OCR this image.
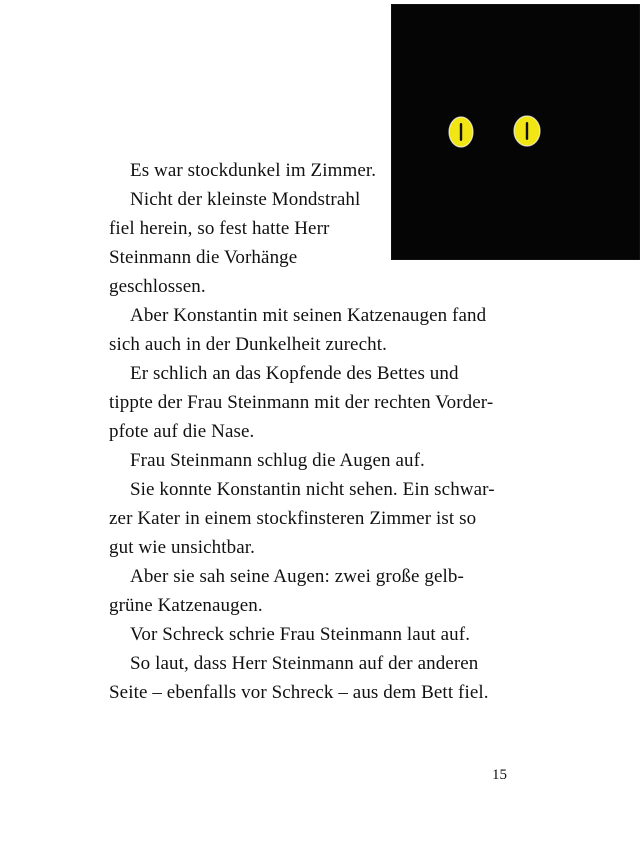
Es war stockdunkel im Zimmer.
Nicht der kleinste Mondstrahl
fiel herein, so fest hatte Herr
Steinmann die Vorhänge
geschlossen.
Aber Konstantin mit seinen Katzenaugen fand
sich auch in der Dunkelheit zurecht.
Er schlich an das Kopfende des Bettes und
tippte der Frau Steinmann mit der rechten Vorder-
pfote auf die Nase.
Frau Steinmann schlug die Augen auf.
Sie konnte Konstantin nicht sehen. Ein schwar-
zer Kater in einem stockfinsteren Zimmer ist so
gut wie unsichtbar.
Aber sie sah seine Augen: zwei große gelb-
grüne Katzenaugen.
Vor Schreck schrie Frau Steinmann laut auf.
So laut, dass Herr Steinmann auf der anderen
Seite – ebenfalls vor Schreck – aus dem Bett fiel.
15
